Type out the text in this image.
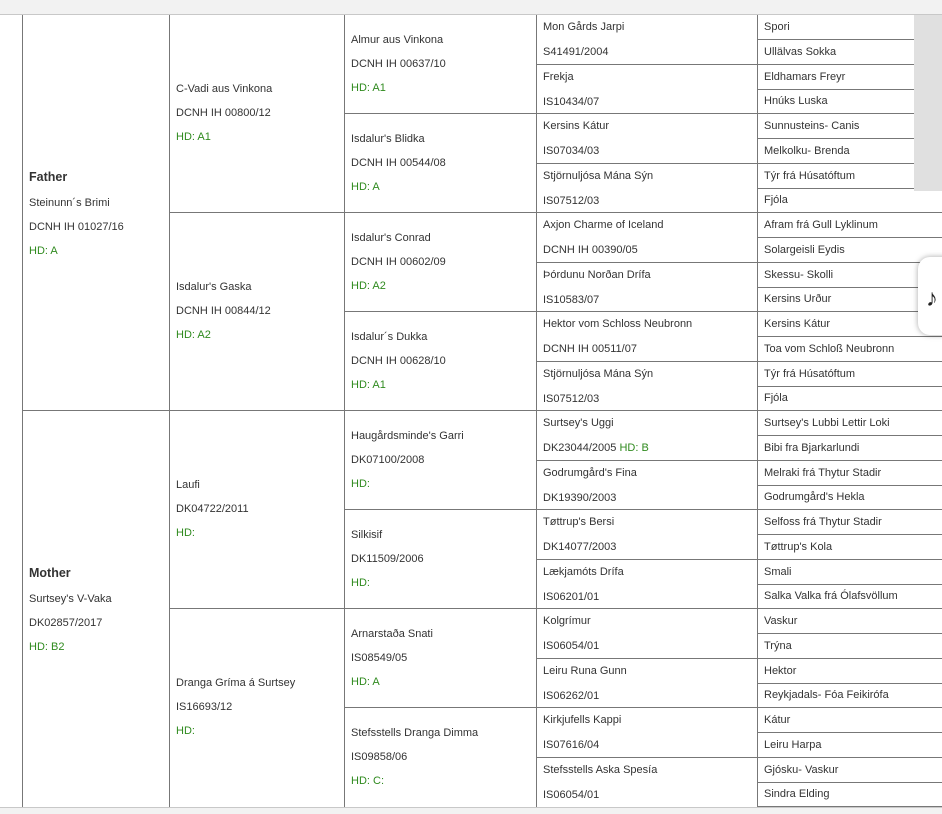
Father
Steinunn´s Brimi
DCNH IH 01027/16
HD: A
Mother
Surtsey's V-Vaka
DK02857/2017
HD: B2
C-Vadi aus Vinkona
DCNH IH 00800/12
HD: A1
Almur aus Vinkona
DCNH IH 00637/10
HD: A1
Mon Gårds Jarpi
S41491/2004
Spori
Ullälvas Sokka
Frekja
IS10434/07
Eldhamars Freyr
Hnúks Luska
Isdalur's Blidka
DCNH IH 00544/08
HD: A
Kersins Kátur
IS07034/03
Sunnusteins- Canis
Melkolku- Brenda
Stjörnuljósa Mána Sýn
IS07512/03
Týr frá Húsatóftum
Fjóla
Isdalur's Gaska
DCNH IH 00844/12
HD: A2
Isdalur's Conrad
DCNH IH 00602/09
HD: A2
Axjon Charme of Iceland
DCNH IH 00390/05
Afram frá Gull Lyklinum
Solargeisli Eydis
Þórdunu Norðan Drífa
IS10583/07
Skessu- Skolli
Kersins Urður
Isdalur´s Dukka
DCNH IH 00628/10
HD: A1
Hektor vom Schloss Neubronn
DCNH IH 00511/07
Kersins Kátur
Toa vom Schloß Neubronn
Stjörnuljósa Mána Sýn
IS07512/03
Týr frá Húsatóftum
Fjóla
Laufi
DK04722/2011
HD:
Haugårdsminde's Garri
DK07100/2008
HD:
Surtsey's Uggi
DK23044/2005 HD: B
Surtsey's Lubbi Lettir Loki
Bibi fra Bjarkarlundi
Godrumgård's Fina
DK19390/2003
Melraki frá Thytur Stadir
Godrumgård's Hekla
Silkisif
DK11509/2006
HD:
Tøttrup's Bersi
DK14077/2003
Selfoss frá Thytur Stadir
Tøttrup's Kola
Lækjamóts Drífa
IS06201/01
Smali
Salka Valka frá Ólafsvöllum
Dranga Gríma á Surtsey
IS16693/12
HD:
Arnarstaða Snati
IS08549/05
HD: A
Kolgrímur
IS06054/01
Vaskur
Trýna
Leiru Runa Gunn
IS06262/01
Hektor
Reykjadals- Fóa Feikirófa
Stefsstells Dranga Dimma
IS09858/06
HD: C:
Kirkjufells Kappi
IS07616/04
Kátur
Leiru Harpa
Stefsstells Aska Spesía
IS06054/01
Gjósku- Vaskur
Sindra Elding
♪
